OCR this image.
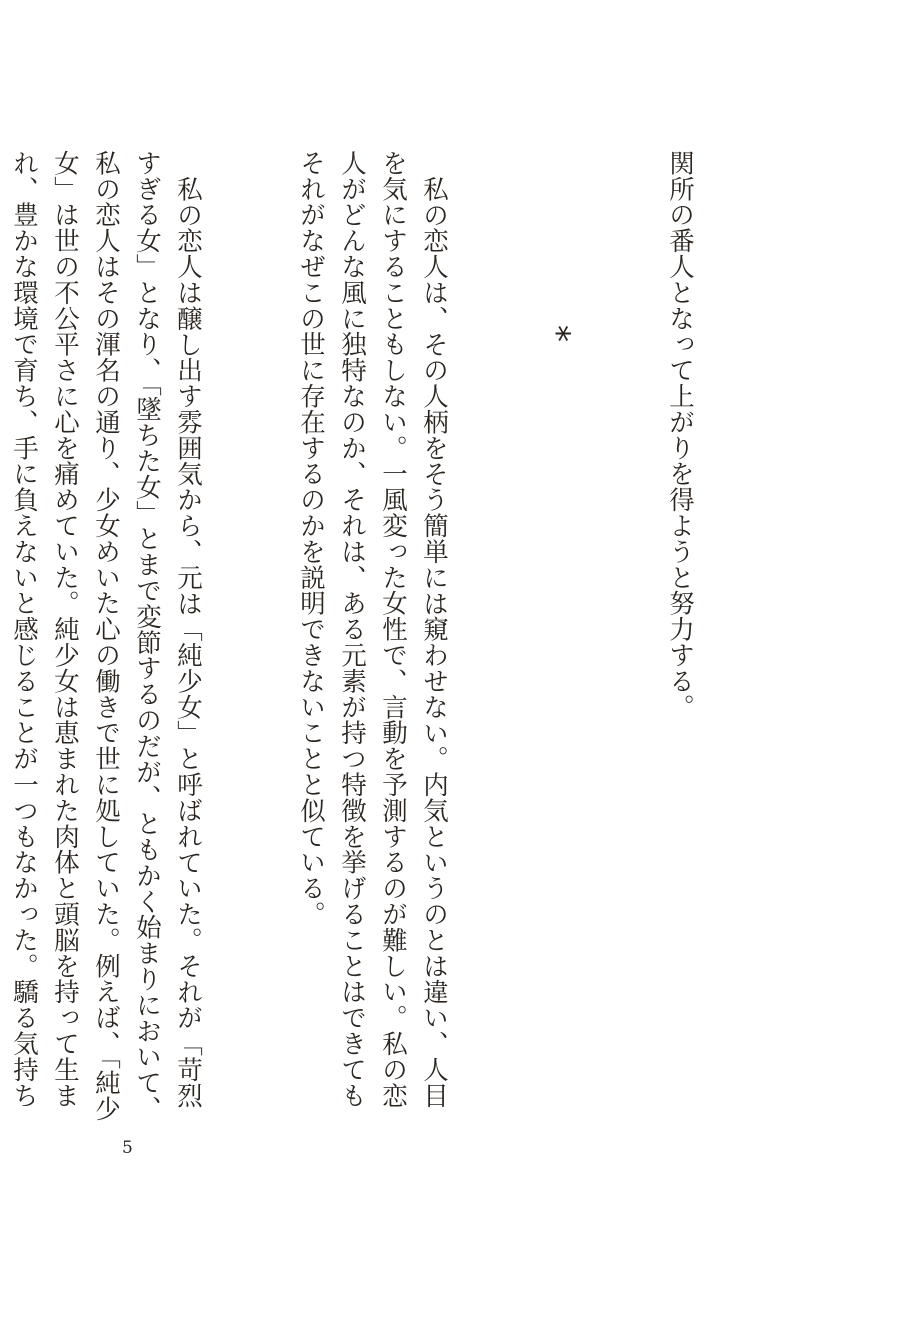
関所の番人となって上がりを得ようと努力する。

*

私の恋人は、その人柄をそう簡単には窺わせない。内気というのとは違い、人目を気にすることもしない。一風変った女性で、言動を予測するのが難しい。私の恋人がどんな風に独特なのか、それは、ある元素が持つ特徴を挙げることはできてもそれがなぜこの世に存在するのかを説明できないことと似ている。

私の恋人は醸し出す雰囲気から、元は「純少女」と呼ばれていた。それが「苛烈すぎる女」となり、「墜ちた女」とまで変節するのだが、ともかく始まりにおいて、私の恋人はその渾名の通り、少女めいた心の働きで世に処していた。例えば、「純少女」は世の不公平さに心を痛めていた。純少女は恵まれた肉体と頭脳を持って生まれ、豊かな環境で育ち、手に負えないと感じることが一つもなかった。驕る気持ち

5
